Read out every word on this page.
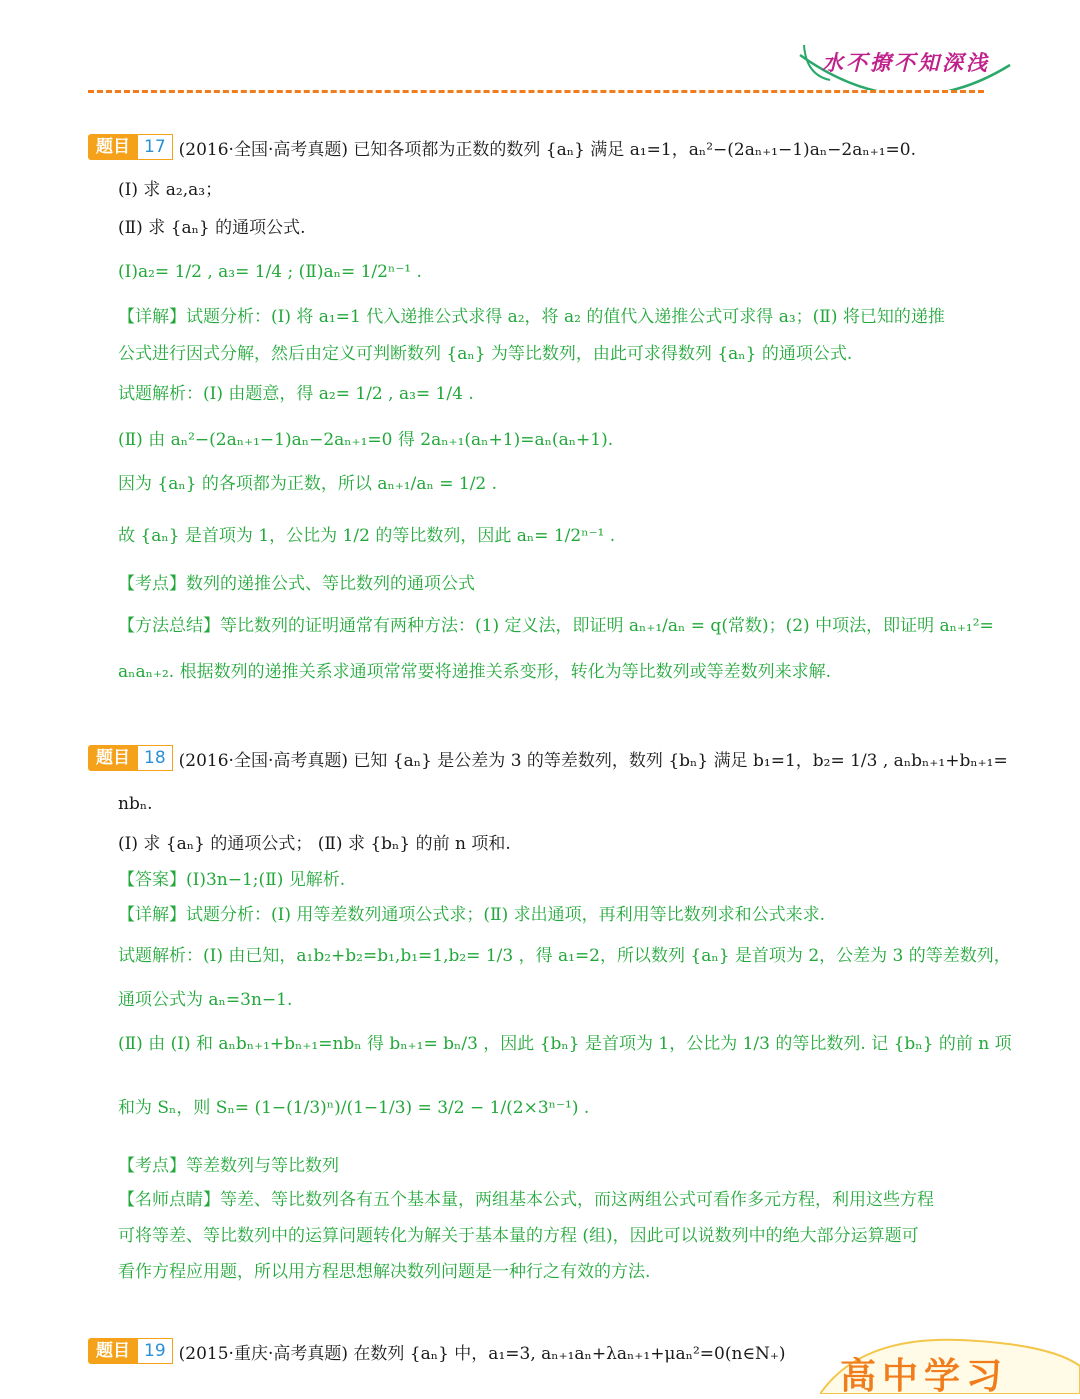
水不撩不知深浅
题目 17 (2016·全国·高考真题) 已知各项都为正数的数列 {aₙ} 满足 a₁=1，aₙ²−(2aₙ₊₁−1)aₙ−2aₙ₊₁=0.
(Ⅰ) 求 a₂,a₃；
(Ⅱ) 求 {aₙ} 的通项公式.
(Ⅰ)a₂= 1/2 , a₃= 1/4 ; (Ⅱ)aₙ= 1/2ⁿ⁻¹ .
【详解】试题分析：(Ⅰ) 将 a₁=1 代入递推公式求得 a₂，将 a₂ 的值代入递推公式可求得 a₃；(Ⅱ) 将已知的递推
公式进行因式分解，然后由定义可判断数列 {aₙ} 为等比数列，由此可求得数列 {aₙ} 的通项公式.
试题解析：(Ⅰ) 由题意，得 a₂= 1/2 , a₃= 1/4 .
(Ⅱ) 由 aₙ²−(2aₙ₊₁−1)aₙ−2aₙ₊₁=0 得 2aₙ₊₁(aₙ+1)=aₙ(aₙ+1).
因为 {aₙ} 的各项都为正数，所以 aₙ₊₁/aₙ = 1/2 .
故 {aₙ} 是首项为 1，公比为 1/2 的等比数列，因此 aₙ= 1/2ⁿ⁻¹ .
【考点】数列的递推公式、等比数列的通项公式
【方法总结】等比数列的证明通常有两种方法：(1) 定义法，即证明 aₙ₊₁/aₙ = q(常数)；(2) 中项法，即证明 aₙ₊₁²=
aₙaₙ₊₂. 根据数列的递推关系求通项常常要将递推关系变形，转化为等比数列或等差数列来求解.
题目 18 (2016·全国·高考真题) 已知 {aₙ} 是公差为 3 的等差数列，数列 {bₙ} 满足 b₁=1，b₂= 1/3 , aₙbₙ₊₁+bₙ₊₁=
nbₙ.
(Ⅰ) 求 {aₙ} 的通项公式； (Ⅱ) 求 {bₙ} 的前 n 项和.
【答案】(Ⅰ)3n−1;(Ⅱ) 见解析.
【详解】试题分析：(Ⅰ) 用等差数列通项公式求；(Ⅱ) 求出通项，再利用等比数列求和公式来求.
试题解析：(Ⅰ) 由已知，a₁b₂+b₂=b₁,b₁=1,b₂= 1/3 ，得 a₁=2，所以数列 {aₙ} 是首项为 2，公差为 3 的等差数列，
通项公式为 aₙ=3n−1.
(Ⅱ) 由 (Ⅰ) 和 aₙbₙ₊₁+bₙ₊₁=nbₙ 得 bₙ₊₁= bₙ/3 ，因此 {bₙ} 是首项为 1，公比为 1/3 的等比数列. 记 {bₙ} 的前 n 项
和为 Sₙ，则 Sₙ= (1−(1/3)ⁿ)/(1−1/3) = 3/2 − 1/(2×3ⁿ⁻¹) .
【考点】等差数列与等比数列
【名师点睛】等差、等比数列各有五个基本量，两组基本公式，而这两组公式可看作多元方程，利用这些方程
可将等差、等比数列中的运算问题转化为解关于基本量的方程 (组)，因此可以说数列中的绝大部分运算题可
看作方程应用题，所以用方程思想解决数列问题是一种行之有效的方法.
题目 19 (2015·重庆·高考真题) 在数列 {aₙ} 中，a₁=3, aₙ₊₁aₙ+λaₙ₊₁+μaₙ²=0(n∈N₊)
高中学习
